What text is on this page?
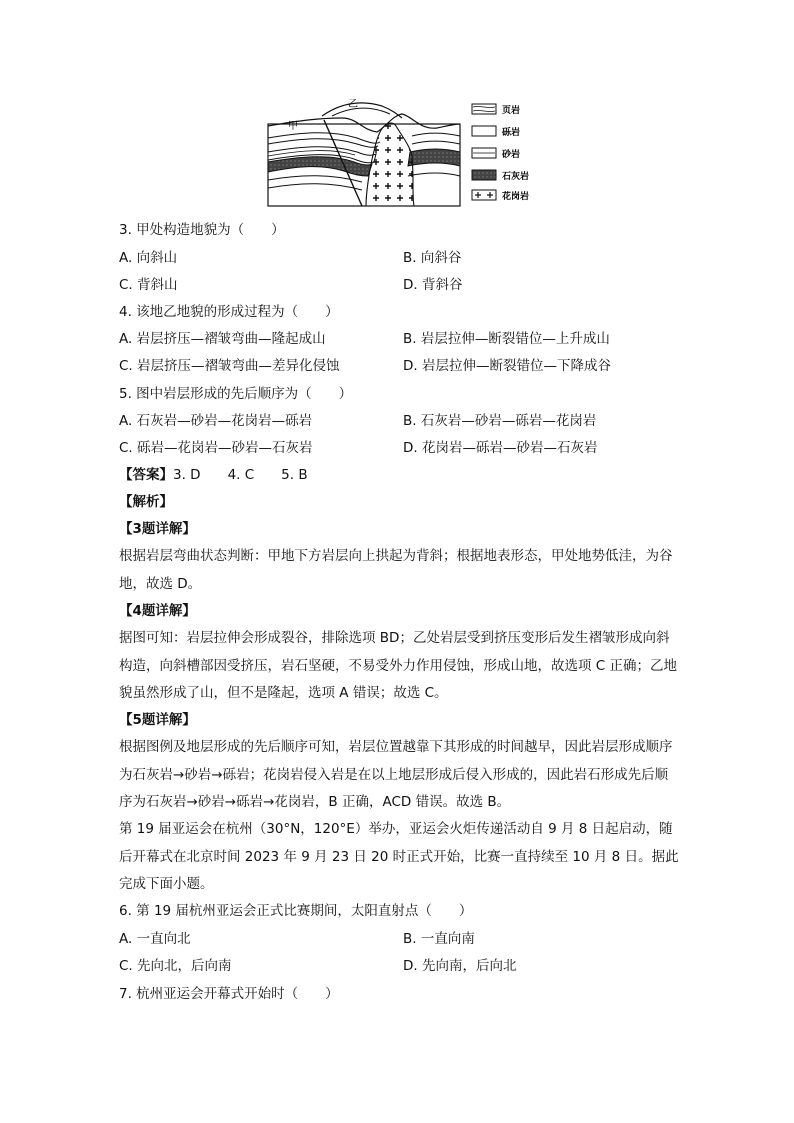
甲
乙
页岩
砾岩
砂岩
石灰岩
花岗岩
3. 甲处构造地貌为（　　）
A. 向斜山	B. 向斜谷
C. 背斜山	D. 背斜谷
4. 该地乙地貌的形成过程为（　　）
A. 岩层挤压—褶皱弯曲—隆起成山	B. 岩层拉伸—断裂错位—上升成山
C. 岩层挤压—褶皱弯曲—差异化侵蚀	D. 岩层拉伸—断裂错位—下降成谷
5. 图中岩层形成的先后顺序为（　　）
A. 石灰岩—砂岩—花岗岩—砾岩	B. 石灰岩—砂岩—砾岩—花岗岩
C. 砾岩—花岗岩—砂岩—石灰岩	D. 花岗岩—砾岩—砂岩—石灰岩
【答案】3. D　　4. C　　5. B
【解析】
【3题详解】
根据岩层弯曲状态判断：甲地下方岩层向上拱起为背斜；根据地表形态，甲处地势低洼，为谷地，故选 D。
【4题详解】
据图可知：岩层拉伸会形成裂谷，排除选项 BD；乙处岩层受到挤压变形后发生褶皱形成向斜构造，向斜槽部因受挤压，岩石坚硬，不易受外力作用侵蚀，形成山地，故选项 C 正确；乙地貌虽然形成了山，但不是隆起，选项 A 错误；故选 C。
【5题详解】
根据图例及地层形成的先后顺序可知，岩层位置越靠下其形成的时间越早，因此岩层形成顺序为石灰岩→砂岩→砾岩；花岗岩侵入岩是在以上地层形成后侵入形成的，因此岩石形成先后顺序为石灰岩→砂岩→砾岩→花岗岩，B 正确，ACD 错误。故选 B。
第 19 届亚运会在杭州（30°N，120°E）举办，亚运会火炬传递活动自 9 月 8 日起启动，随后开幕式在北京时间 2023 年 9 月 23 日 20 时正式开始，比赛一直持续至 10 月 8 日。据此完成下面小题。
6. 第 19 届杭州亚运会正式比赛期间，太阳直射点（　　）
A. 一直向北	B. 一直向南
C. 先向北，后向南	D. 先向南，后向北
7. 杭州亚运会开幕式开始时（　　）
